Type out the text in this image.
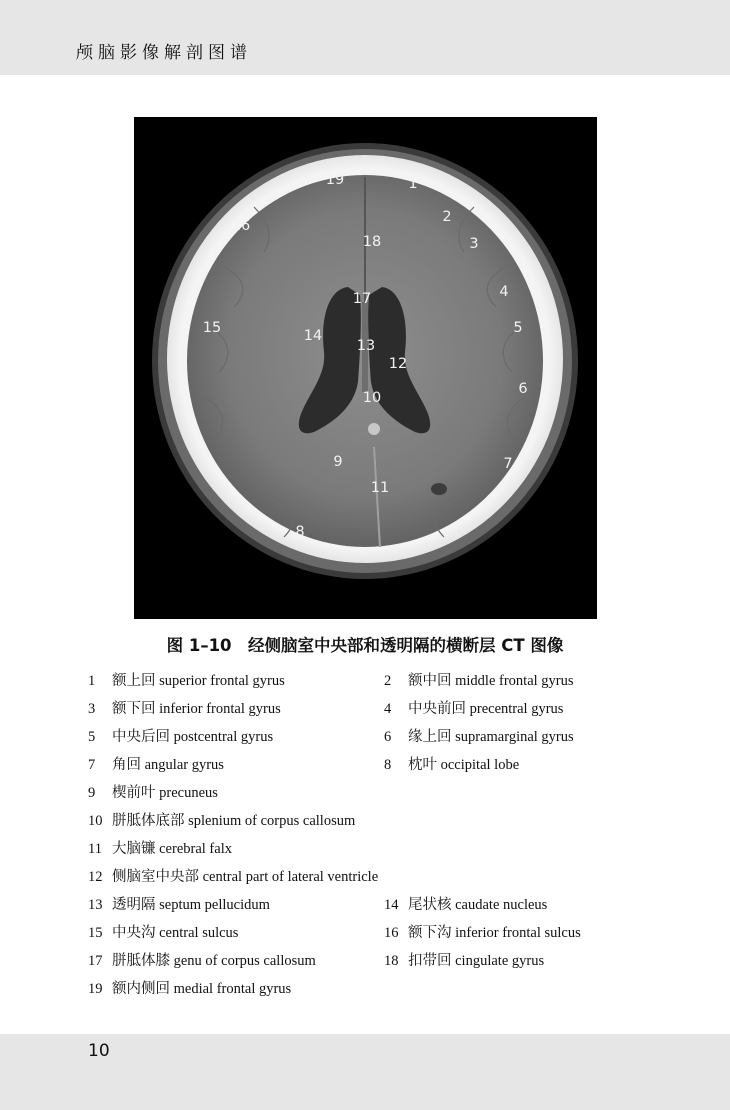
颅脑影像解剖图谱
19	1
16
2
18	3
17	4
15	14	5
13
12
6
10
9	7
11
8
图 1–10　经侧脑室中央部和透明隔的横断层 CT 图像
1 额上回 superior frontal gyrus	2 额中回 middle frontal gyrus
3 额下回 inferior frontal gyrus	4 中央前回 precentral gyrus
5 中央后回 postcentral gyrus	6 缘上回 supramarginal gyrus
7 角回 angular gyrus	8 枕叶 occipital lobe
9 楔前叶 precuneus
10 胼胝体底部 splenium of corpus callosum
11 大脑镰 cerebral falx
12 侧脑室中央部 central part of lateral ventricle
13 透明隔 septum pellucidum	14 尾状核 caudate nucleus
15 中央沟 central sulcus	16 额下沟 inferior frontal sulcus
17 胼胝体膝 genu of corpus callosum	18 扣带回 cingulate gyrus
19 额内侧回 medial frontal gyrus
10
